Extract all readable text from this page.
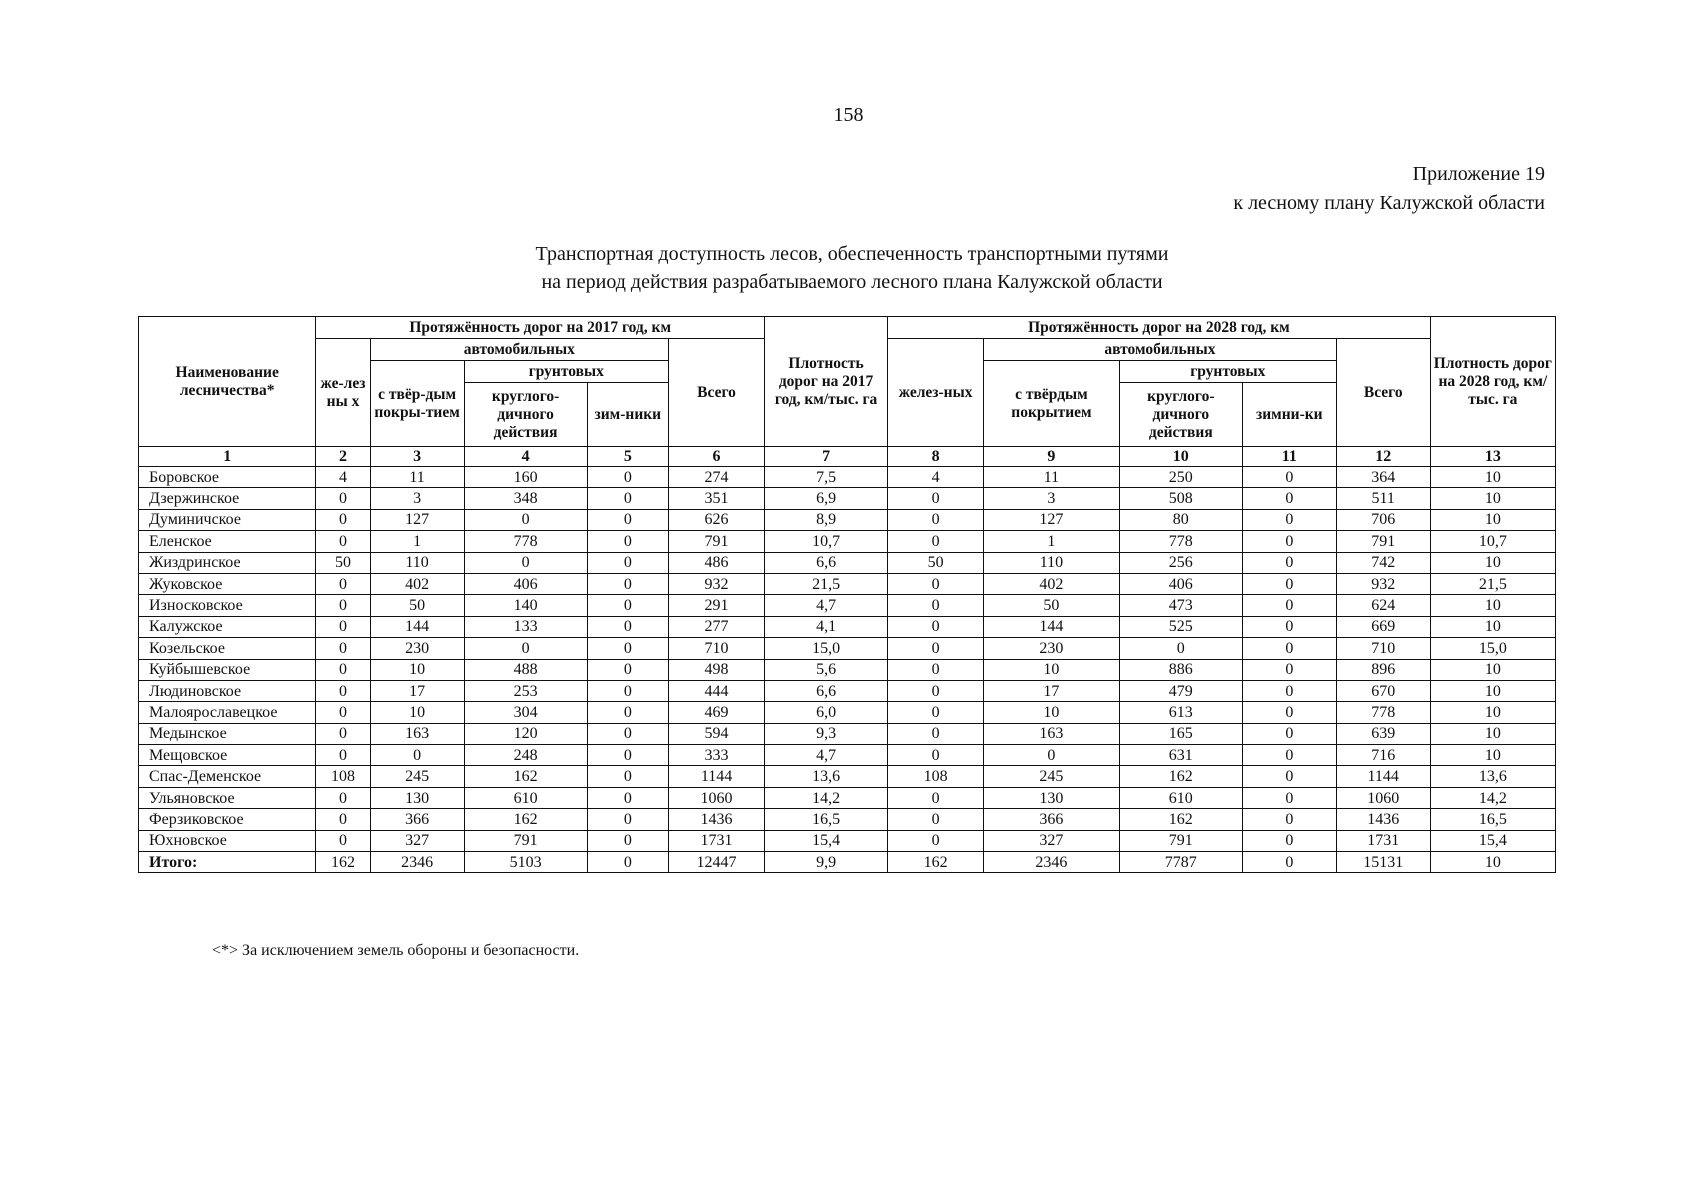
158
Приложение 19
к лесному плану Калужской области
Транспортная доступность лесов, обеспеченность транспортными путями
на период действия разрабатываемого лесного плана Калужской области
Наименование лесничества*	Протяжённость дорог на 2017 год, км					Плотность дорог на 2017 год, км/тыс. га	Протяжённость дорог на 2028 год, км					Плотность дорог на 2028 год, км/тыс. га
	же-лез ны х	автомобильных			Всего		желез-ных	автомобильных			Всего	
		с твёр-дым покры-тием	грунтовых					с твёрдым покрытием	грунтовых			
			круглого-дичного действия	зим-ники					круглого-дичного действия	зимни-ки		
1	2	3	4	5	6	7	8	9	10	11	12	13
Боровское	4	11	160	0	274	7,5	4	11	250	0	364	10
Дзержинское	0	3	348	0	351	6,9	0	3	508	0	511	10
Думиничское	0	127	0	0	626	8,9	0	127	80	0	706	10
Еленское	0	1	778	0	791	10,7	0	1	778	0	791	10,7
Жиздринское	50	110	0	0	486	6,6	50	110	256	0	742	10
Жуковское	0	402	406	0	932	21,5	0	402	406	0	932	21,5
Износковское	0	50	140	0	291	4,7	0	50	473	0	624	10
Калужское	0	144	133	0	277	4,1	0	144	525	0	669	10
Козельское	0	230	0	0	710	15,0	0	230	0	0	710	15,0
Куйбышевское	0	10	488	0	498	5,6	0	10	886	0	896	10
Людиновское	0	17	253	0	444	6,6	0	17	479	0	670	10
Малоярославецкое	0	10	304	0	469	6,0	0	10	613	0	778	10
Медынское	0	163	120	0	594	9,3	0	163	165	0	639	10
Мещовское	0	0	248	0	333	4,7	0	0	631	0	716	10
Спас-Деменское	108	245	162	0	1144	13,6	108	245	162	0	1144	13,6
Ульяновское	0	130	610	0	1060	14,2	0	130	610	0	1060	14,2
Ферзиковское	0	366	162	0	1436	16,5	0	366	162	0	1436	16,5
Юхновское	0	327	791	0	1731	15,4	0	327	791	0	1731	15,4
Итого:	162	2346	5103	0	12447	9,9	162	2346	7787	0	15131	10
<*> За исключением земель обороны и безопасности.
